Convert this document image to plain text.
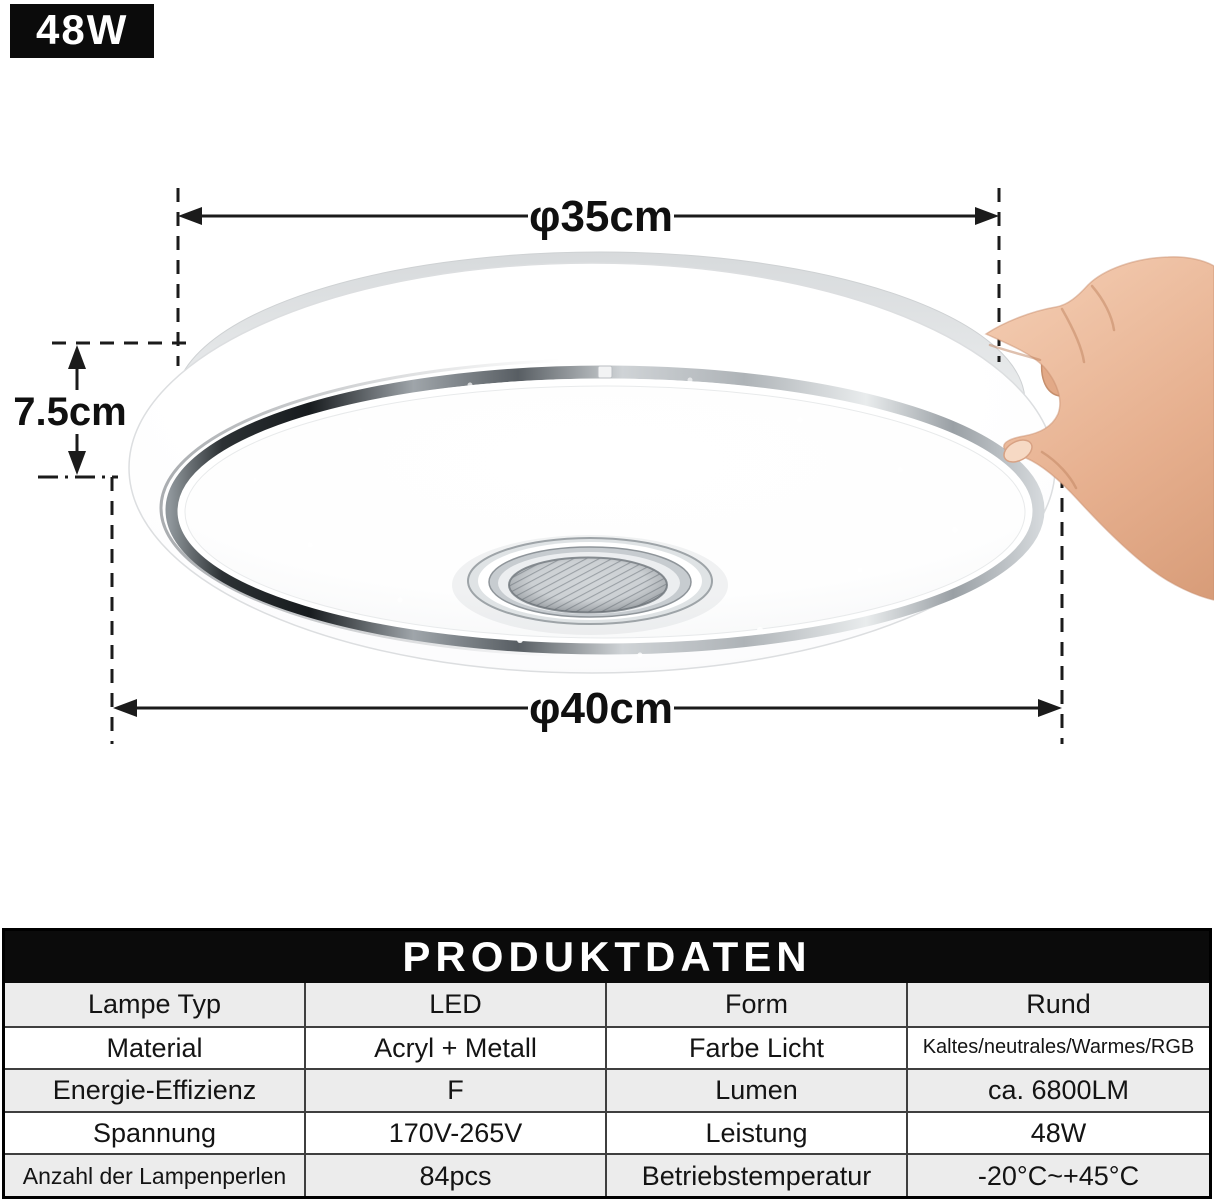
φ35cm
7.5cm
φ40cm
48W
PRODUKTDATEN
Lampe Typ	LED	Form	Rund
Material	Acryl + Metall	Farbe Licht	Kaltes/neutrales/Warmes/RGB
Energie-Effizienz	F	Lumen	ca. 6800LM
Spannung	170V-265V	Leistung	48W
Anzahl der Lampenperlen	84pcs	Betriebstemperatur	-20°C~+45°C
